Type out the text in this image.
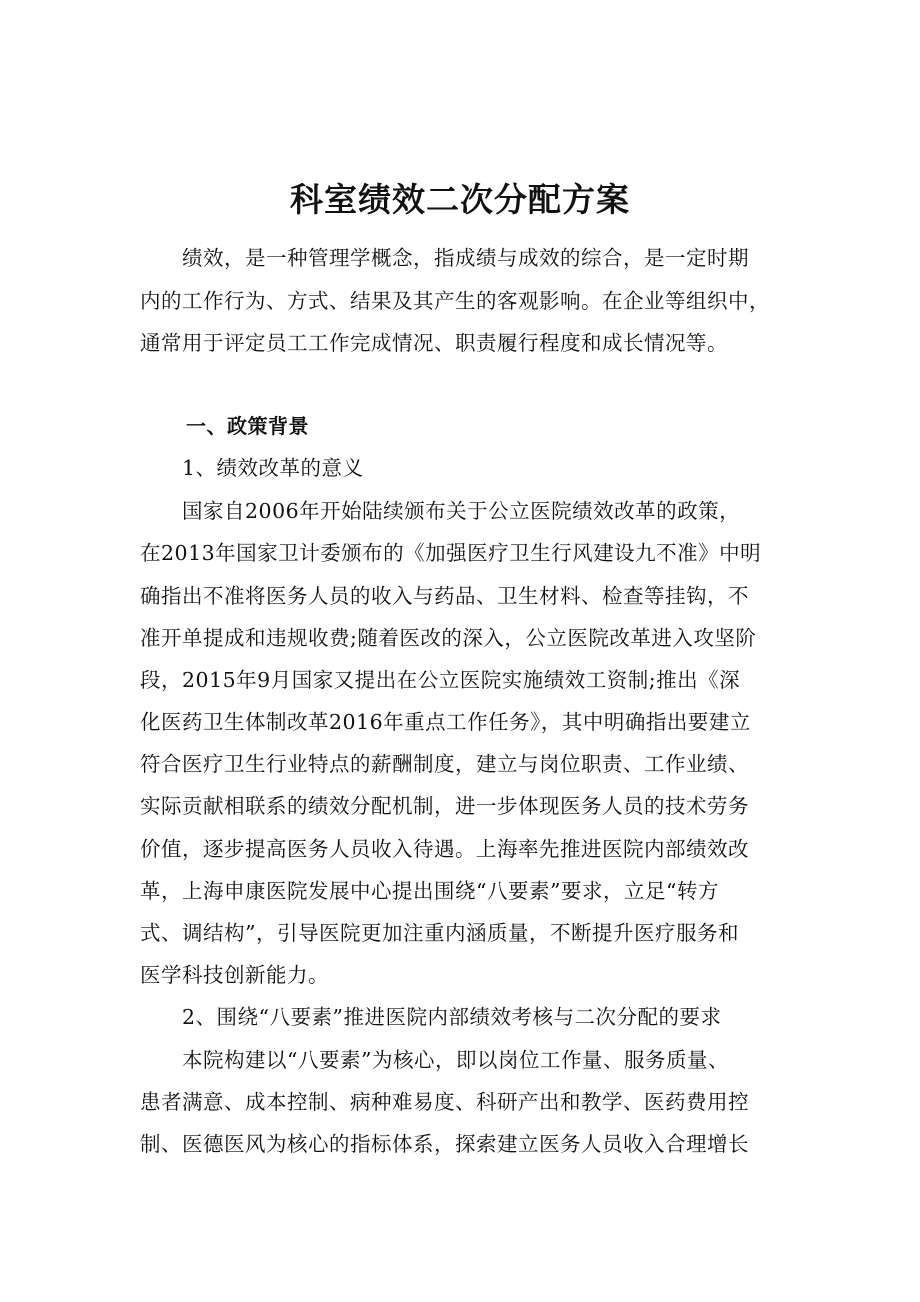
科室绩效二次分配方案
绩效，是一种管理学概念，指成绩与成效的综合，是一定时期
内的工作行为、方式、结果及其产生的客观影响。在企业等组织中，
通常用于评定员工工作完成情况、职责履行程度和成长情况等。
一、政策背景
1、绩效改革的意义
国家自2006年开始陆续颁布关于公立医院绩效改革的政策，
在2013年国家卫计委颁布的《加强医疗卫生行风建设九不准》中明
确指出不准将医务人员的收入与药品、卫生材料、检查等挂钩，不
准开单提成和违规收费;随着医改的深入，公立医院改革进入攻坚阶
段，2015年9月国家又提出在公立医院实施绩效工资制;推出《深
化医药卫生体制改革2016年重点工作任务》，其中明确指出要建立
符合医疗卫生行业特点的薪酬制度，建立与岗位职责、工作业绩、
实际贡献相联系的绩效分配机制，进一步体现医务人员的技术劳务
价值，逐步提高医务人员收入待遇。上海率先推进医院内部绩效改
革，上海申康医院发展中心提出围绕“八要素”要求，立足“转方
式、调结构”，引导医院更加注重内涵质量，不断提升医疗服务和
医学科技创新能力。
2、围绕“八要素”推进医院内部绩效考核与二次分配的要求
本院构建以“八要素”为核心，即以岗位工作量、服务质量、
患者满意、成本控制、病种难易度、科研产出和教学、医药费用控
制、医德医风为核心的指标体系，探索建立医务人员收入合理增长
